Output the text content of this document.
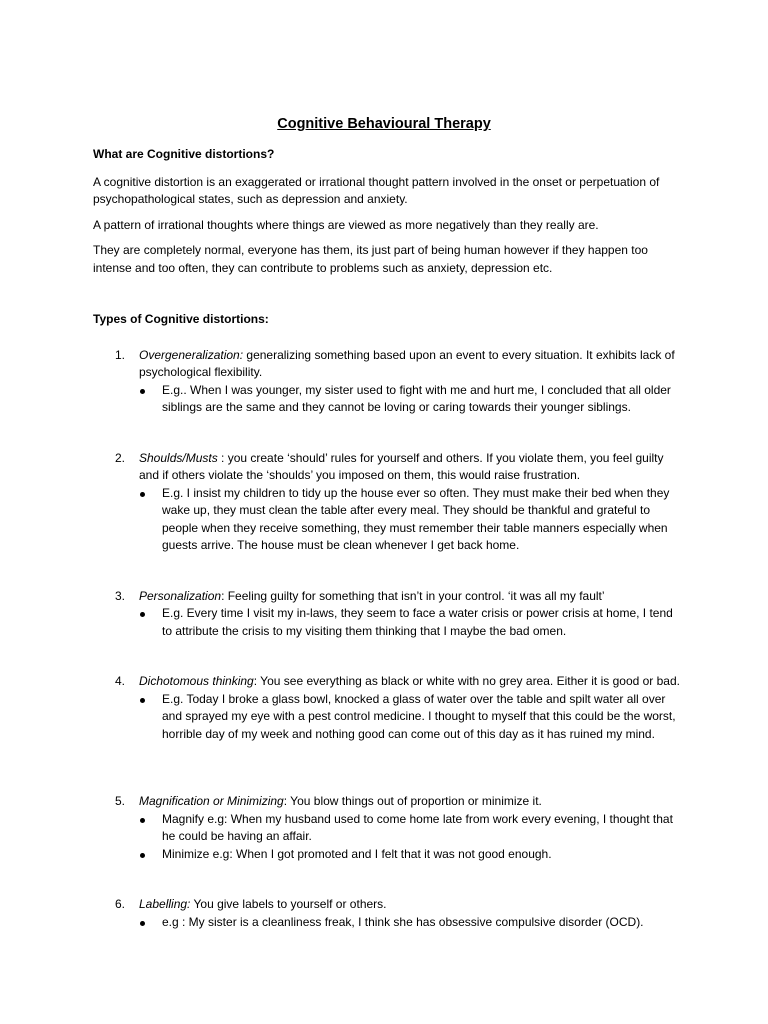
Cognitive Behavioural Therapy
What are Cognitive distortions?
A cognitive distortion is an exaggerated or irrational thought pattern involved in the onset or perpetuation of psychopathological states, such as depression and anxiety.
A pattern of irrational thoughts where things are viewed as more negatively than they really are.
They are completely normal, everyone has them, its just part of being human however if they happen too intense and too often, they can contribute to problems such as anxiety, depression etc.
Types of Cognitive distortions:
1. Overgeneralization: generalizing something based upon an event to every situation. It exhibits lack of psychological flexibility.
E.g.. When I was younger, my sister used to fight with me and hurt me, I concluded that all older siblings are the same and they cannot be loving or caring towards their younger siblings.
2. Shoulds/Musts : you create ‘should’ rules for yourself and others. If you violate them, you feel guilty and if others violate the ‘shoulds’ you imposed on them, this would raise frustration.
E.g. I insist my children to tidy up the house ever so often. They must make their bed when they wake up, they must clean the table after every meal. They should be thankful and grateful to people when they receive something, they must remember their table manners especially when guests arrive. The house must be clean whenever I get back home.
3. Personalization: Feeling guilty for something that isn’t in your control. ‘it was all my fault’
E.g. Every time I visit my in-laws, they seem to face a water crisis or power crisis at home, I tend to attribute the crisis to my visiting them thinking that I maybe the bad omen.
4. Dichotomous thinking: You see everything as black or white with no grey area. Either it is good or bad.
E.g. Today I broke a glass bowl, knocked a glass of water over the table and spilt water all over and sprayed my eye with a pest control medicine. I thought to myself that this could be the worst, horrible day of my week and nothing good can come out of this day as it has ruined my mind.
5. Magnification or Minimizing: You blow things out of proportion or minimize it.
Magnify e.g: When my husband used to come home late from work every evening, I thought that he could be having an affair.
Minimize e.g: When I got promoted and I felt that it was not good enough.
6. Labelling: You give labels to yourself or others.
e.g : My sister is a cleanliness freak, I think she has obsessive compulsive disorder (OCD).
